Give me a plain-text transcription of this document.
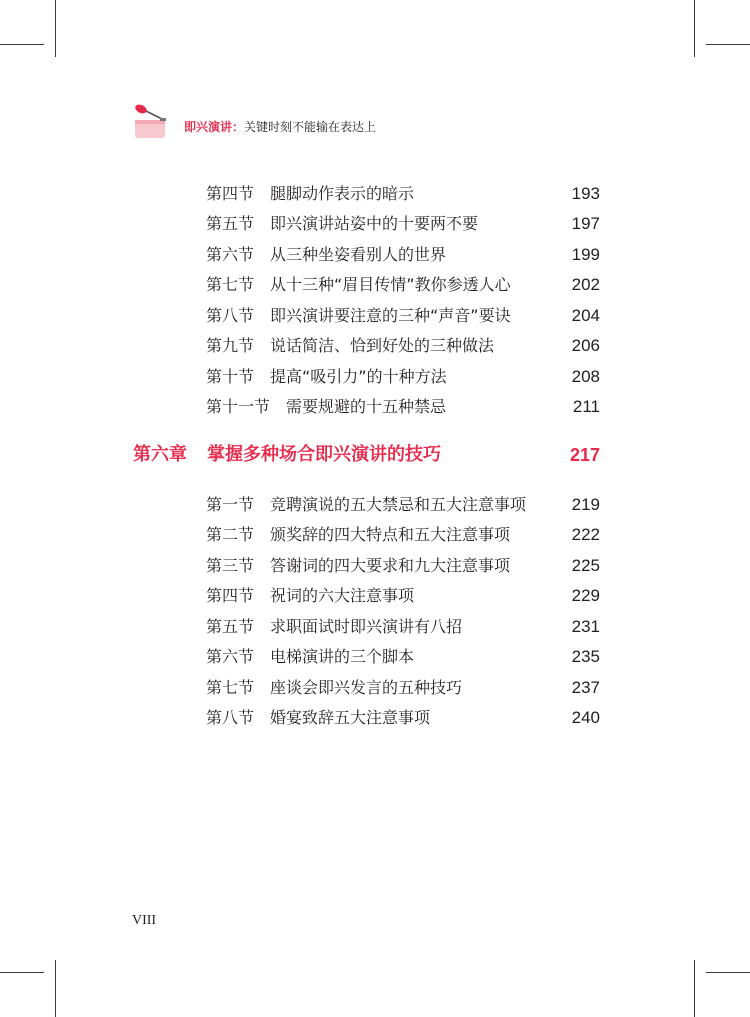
即兴演讲：关键时刻不能输在表达上
第四节 腿脚动作表示的暗示	193
第五节 即兴演讲站姿中的十要两不要	197
第六节 从三种坐姿看别人的世界	199
第七节 从十三种“眉目传情”教你参透人心	202
第八节 即兴演讲要注意的三种“声音”要诀	204
第九节 说话简洁、恰到好处的三种做法	206
第十节 提高“吸引力”的十种方法	208
第十一节 需要规避的十五种禁忌	211
第六章 掌握多种场合即兴演讲的技巧	217
第一节 竞聘演说的五大禁忌和五大注意事项	219
第二节 颁奖辞的四大特点和五大注意事项	222
第三节 答谢词的四大要求和九大注意事项	225
第四节 祝词的六大注意事项	229
第五节 求职面试时即兴演讲有八招	231
第六节 电梯演讲的三个脚本	235
第七节 座谈会即兴发言的五种技巧	237
第八节 婚宴致辞五大注意事项	240
VIII
